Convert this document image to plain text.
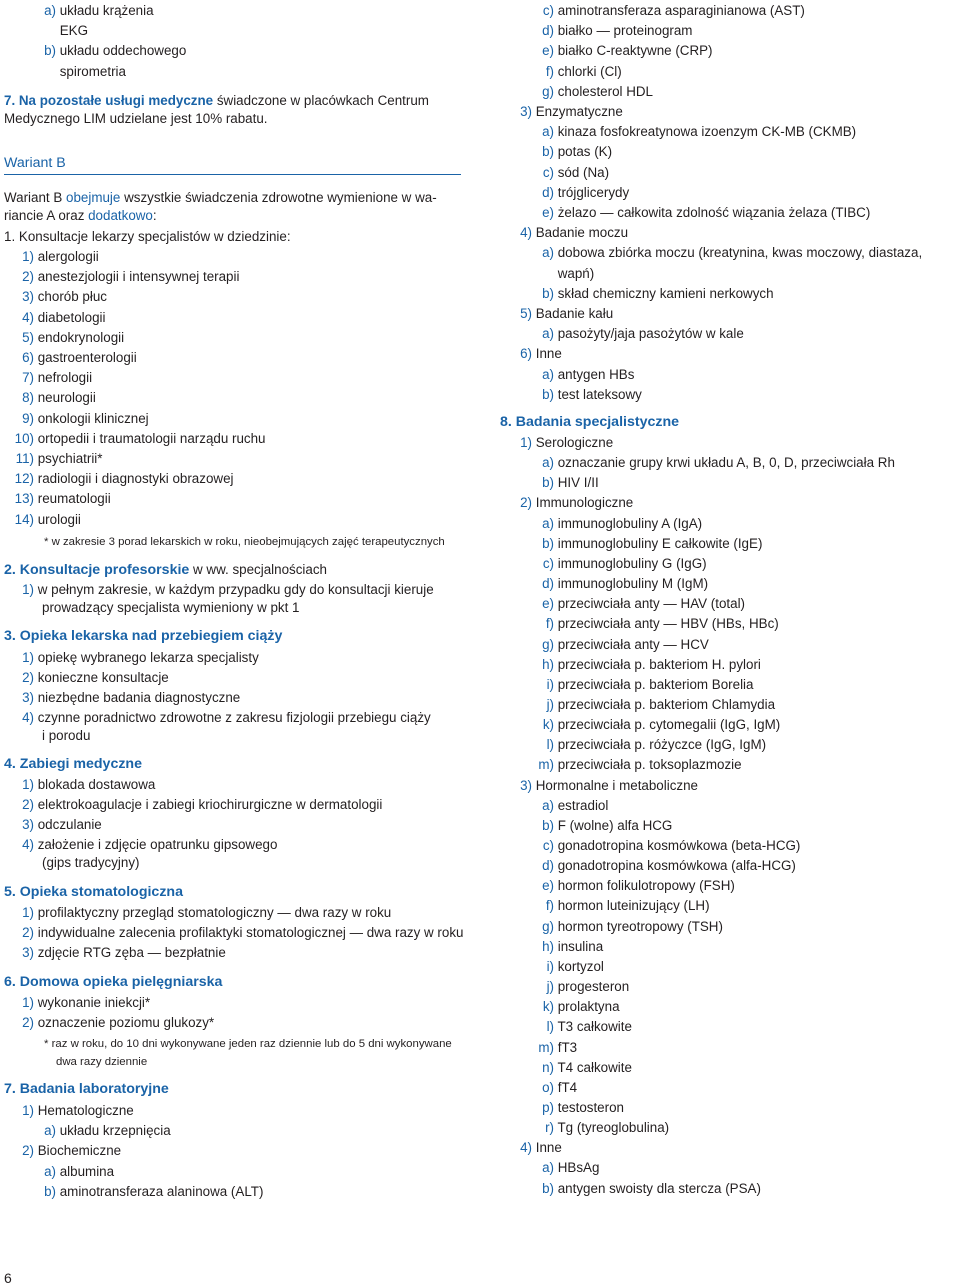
a) układu krążenia
EKG
b) układu oddechowego
spirometria
7. Na pozostałe usługi medyczne świadczone w placówkach Centrum
Medycznego LIM udzielane jest 10% rabatu.
Wariant B
Wariant B obejmuje wszystkie świadczenia zdrowotne wymienione w wa-
riancie A oraz dodatkowo:
1. Konsultacje lekarzy specjalistów w dziedzinie:
1) alergologii
2) anestezjologii i intensywnej terapii
3) chorób płuc
4) diabetologii
5) endokrynologii
6) gastroenterologii
7) nefrologii
8) neurologii
9) onkologii klinicznej
10) ortopedii i traumatologii narządu ruchu
11) psychiatrii*
12) radiologii i diagnostyki obrazowej
13) reumatologii
14) urologii
* w zakresie 3 porad lekarskich w roku, nieobejmujących zajęć terapeutycznych
2. Konsultacje profesorskie w ww. specjalnościach
1) w pełnym zakresie, w każdym przypadku gdy do konsultacji kieruje
prowadzący specjalista wymieniony w pkt 1
3. Opieka lekarska nad przebiegiem ciąży
1) opiekę wybranego lekarza specjalisty
2) konieczne konsultacje
3) niezbędne badania diagnostyczne
4) czynne poradnictwo zdrowotne z zakresu fizjologii przebiegu ciąży
i porodu
4. Zabiegi medyczne
1) blokada dostawowa
2) elektrokoagulacje i zabiegi kriochirurgiczne w dermatologii
3) odczulanie
4) założenie i zdjęcie opatrunku gipsowego
(gips tradycyjny)
5. Opieka stomatologiczna
1) profilaktyczny przegląd stomatologiczny — dwa razy w roku
2) indywidualne zalecenia profilaktyki stomatologicznej — dwa razy w roku
3) zdjęcie RTG zęba — bezpłatnie
6. Domowa opieka pielęgniarska
1) wykonanie iniekcji*
2) oznaczenie poziomu glukozy*
* raz w roku, do 10 dni wykonywane jeden raz dziennie lub do 5 dni wykonywane
dwa razy dziennie
7. Badania laboratoryjne
1) Hematologiczne
a) układu krzepnięcia
2) Biochemiczne
a) albumina
b) aminotransferaza alaninowa (ALT)
c) aminotransferaza asparaginianowa (AST)
d) białko — proteinogram
e) białko C-reaktywne (CRP)
f) chlorki (Cl)
g) cholesterol HDL
3) Enzymatyczne
a) kinaza fosfokreatynowa izoenzym CK-MB (CKMB)
b) potas (K)
c) sód (Na)
d) trójglicerydy
e) żelazo — całkowita zdolność wiązania żelaza (TIBC)
4) Badanie moczu
a) dobowa zbiórka moczu (kreatynina, kwas moczowy, diastaza,
wapń)
b) skład chemiczny kamieni nerkowych
5) Badanie kału
a) pasożyty/jaja pasożytów w kale
6) Inne
a) antygen HBs
b) test lateksowy
8. Badania specjalistyczne
1) Serologiczne
a) oznaczanie grupy krwi układu A, B, 0, D, przeciwciała Rh
b) HIV I/II
2) Immunologiczne
a) immunoglobuliny A (IgA)
b) immunoglobuliny E całkowite (IgE)
c) immunoglobuliny G (IgG)
d) immunoglobuliny M (IgM)
e) przeciwciała anty — HAV (total)
f) przeciwciała anty — HBV (HBs, HBc)
g) przeciwciała anty — HCV
h) przeciwciała p. bakteriom H. pylori
i) przeciwciała p. bakteriom Borelia
j) przeciwciała p. bakteriom Chlamydia
k) przeciwciała p. cytomegalii (IgG, IgM)
l) przeciwciała p. różyczce (IgG, IgM)
m) przeciwciała p. toksoplazmozie
3) Hormonalne i metaboliczne
a) estradiol
b) F (wolne) alfa HCG
c) gonadotropina kosmówkowa (beta-HCG)
d) gonadotropina kosmówkowa (alfa-HCG)
e) hormon folikulotropowy (FSH)
f) hormon luteinizujący (LH)
g) hormon tyreotropowy (TSH)
h) insulina
i) kortyzol
j) progesteron
k) prolaktyna
l) T3 całkowite
m) fT3
n) T4 całkowite
o) fT4
p) testosteron
r) Tg (tyreoglobulina)
4) Inne
a) HBsAg
b) antygen swoisty dla stercza (PSA)
6
